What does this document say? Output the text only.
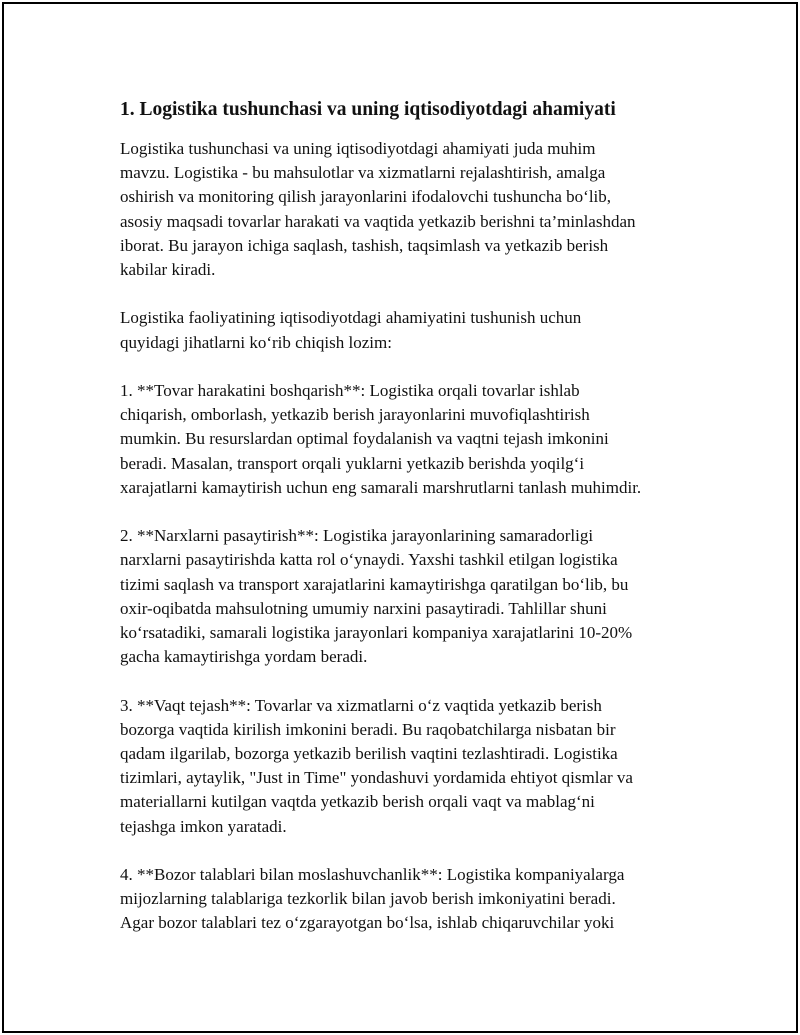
1. Logistika tushunchasi va uning iqtisodiyotdagi ahamiyati
Logistika tushunchasi va uning iqtisodiyotdagi ahamiyati juda muhim
mavzu. Logistika - bu mahsulotlar va xizmatlarni rejalashtirish, amalga
oshirish va monitoring qilish jarayonlarini ifodalovchi tushuncha bo‘lib,
asosiy maqsadi tovarlar harakati va vaqtida yetkazib berishni ta’minlashdan
iborat. Bu jarayon ichiga saqlash, tashish, taqsimlash va yetkazib berish
kabilar kiradi.
Logistika faoliyatining iqtisodiyotdagi ahamiyatini tushunish uchun
quyidagi jihatlarni ko‘rib chiqish lozim:
1. **Tovar harakatini boshqarish**: Logistika orqali tovarlar ishlab
chiqarish, omborlash, yetkazib berish jarayonlarini muvofiqlashtirish
mumkin. Bu resurslardan optimal foydalanish va vaqtni tejash imkonini
beradi. Masalan, transport orqali yuklarni yetkazib berishda yoqilg‘i
xarajatlarni kamaytirish uchun eng samarali marshrutlarni tanlash muhimdir.
2. **Narxlarni pasaytirish**: Logistika jarayonlarining samaradorligi
narxlarni pasaytirishda katta rol o‘ynaydi. Yaxshi tashkil etilgan logistika
tizimi saqlash va transport xarajatlarini kamaytirishga qaratilgan bo‘lib, bu
oxir-oqibatda mahsulotning umumiy narxini pasaytiradi. Tahlillar shuni
ko‘rsatadiki, samarali logistika jarayonlari kompaniya xarajatlarini 10-20%
gacha kamaytirishga yordam beradi.
3. **Vaqt tejash**: Tovarlar va xizmatlarni o‘z vaqtida yetkazib berish
bozorga vaqtida kirilish imkonini beradi. Bu raqobatchilarga nisbatan bir
qadam ilgarilab, bozorga yetkazib berilish vaqtini tezlashtiradi. Logistika
tizimlari, aytaylik, "Just in Time" yondashuvi yordamida ehtiyot qismlar va
materiallarni kutilgan vaqtda yetkazib berish orqali vaqt va mablag‘ni
tejashga imkon yaratadi.
4. **Bozor talablari bilan moslashuvchanlik**: Logistika kompaniyalarga
mijozlarning talablariga tezkorlik bilan javob berish imkoniyatini beradi.
Agar bozor talablari tez o‘zgarayotgan bo‘lsa, ishlab chiqaruvchilar yoki
